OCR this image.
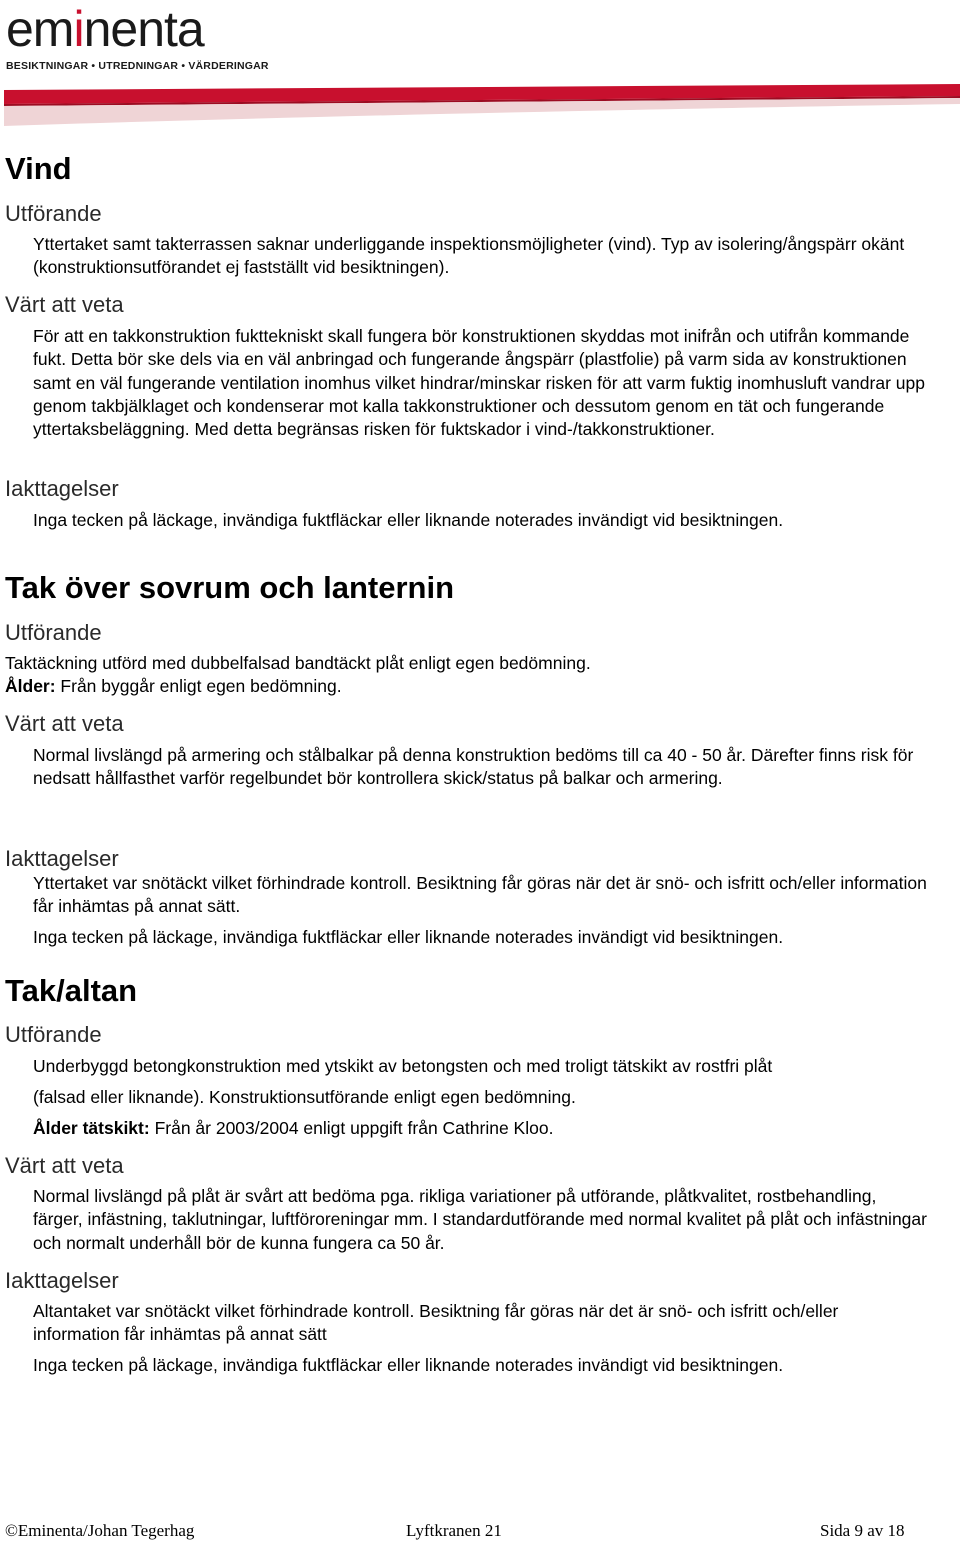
eminenta
BESIKTNINGAR • UTREDNINGAR • VÄRDERINGAR
Vind
Utförande
Yttertaket samt takterrassen saknar underliggande inspektionsmöjligheter (vind). Typ av isolering/ångspärr okänt (konstruktionsutförandet ej fastställt vid besiktningen).
Värt att veta
För att en takkonstruktion fukttekniskt skall fungera bör konstruktionen skyddas mot inifrån och utifrån kommande fukt. Detta bör ske dels via en väl anbringad och fungerande ångspärr (plastfolie) på varm sida av konstruktionen samt en väl fungerande ventilation inomhus vilket hindrar/minskar risken för att varm fuktig inomhusluft vandrar upp genom takbjälklaget och kondenserar mot kalla takkonstruktioner och dessutom genom en tät och fungerande yttertaksbeläggning. Med detta begränsas risken för fuktskador i vind-/takkonstruktioner.
Iakttagelser
Inga tecken på läckage, invändiga fuktfläckar eller liknande noterades invändigt vid besiktningen.
Tak över sovrum och lanternin
Utförande
Taktäckning utförd med dubbelfalsad bandtäckt plåt enligt egen bedömning.
Ålder: Från byggår enligt egen bedömning.
Värt att veta
Normal livslängd på armering och stålbalkar på denna konstruktion bedöms till ca 40 - 50 år. Därefter finns risk för nedsatt hållfasthet varför regelbundet bör kontrollera skick/status på balkar och armering.
Iakttagelser
Yttertaket var snötäckt vilket förhindrade kontroll. Besiktning får göras när det är snö- och isfritt och/eller information får inhämtas på annat sätt.
Inga tecken på läckage, invändiga fuktfläckar eller liknande noterades invändigt vid besiktningen.
Tak/altan
Utförande
Underbyggd betongkonstruktion med ytskikt av betongsten och med troligt tätskikt av rostfri plåt
(falsad eller liknande). Konstruktionsutförande enligt egen bedömning.
Ålder tätskikt: Från år 2003/2004 enligt uppgift från Cathrine Kloo.
Värt att veta
Normal livslängd på plåt är svårt att bedöma pga. rikliga variationer på utförande, plåtkvalitet, rostbehandling, färger, infästning, taklutningar, luftföroreningar mm. I standardutförande med normal kvalitet på plåt och infästningar och normalt underhåll bör de kunna fungera ca 50 år.
Iakttagelser
Altantaket var snötäckt vilket förhindrade kontroll. Besiktning får göras när det är snö- och isfritt och/eller information får inhämtas på annat sätt
Inga tecken på läckage, invändiga fuktfläckar eller liknande noterades invändigt vid besiktningen.
©Eminenta/Johan Tegerhag	Lyftkranen 21	Sida 9 av 18
